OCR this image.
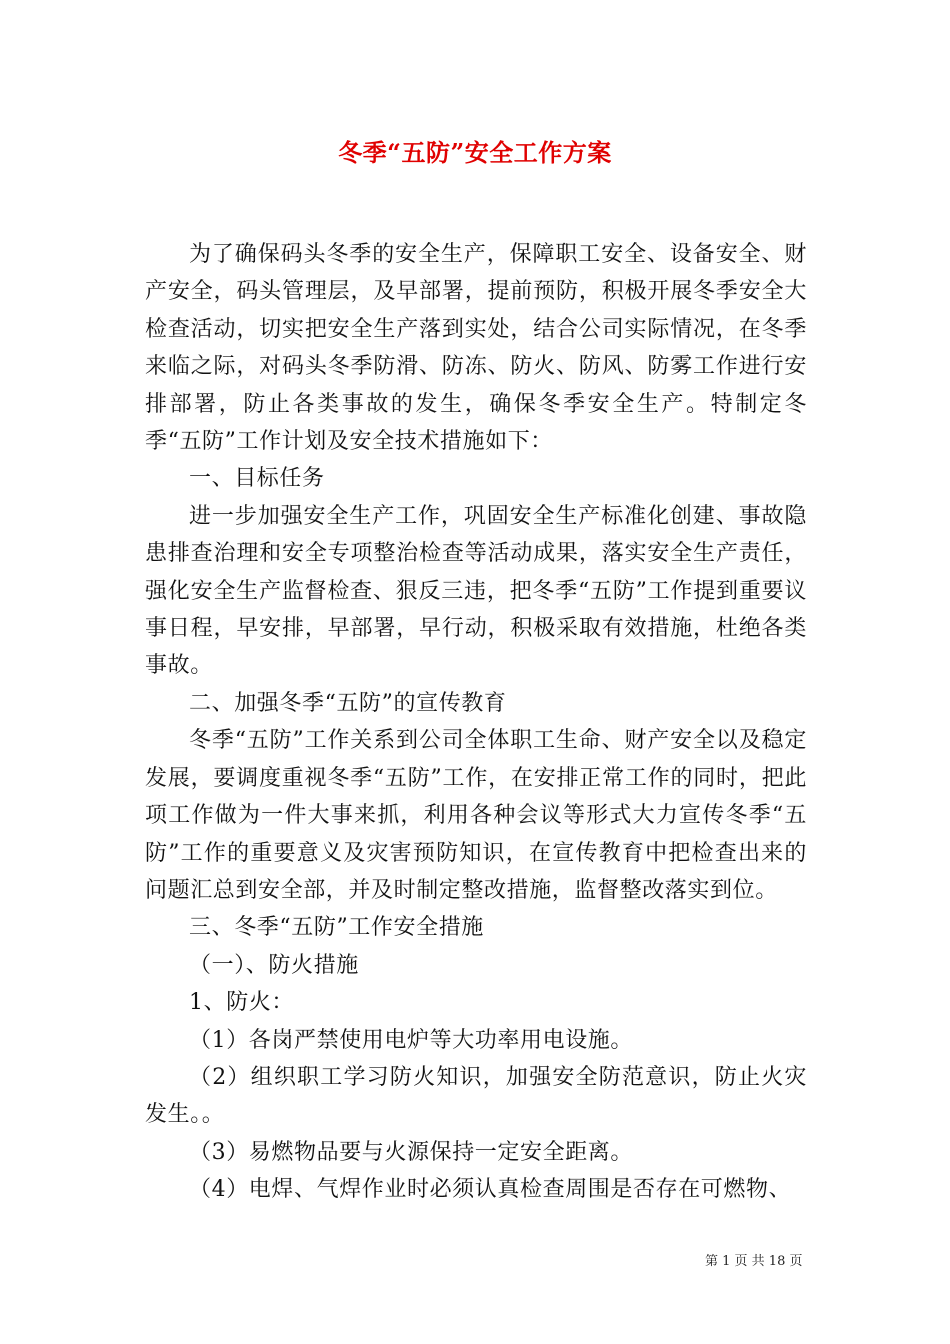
冬季“五防”安全工作方案

为了确保码头冬季的安全生产，保障职工安全、设备安全、财产安全，码头管理层，及早部署，提前预防，积极开展冬季安全大检查活动，切实把安全生产落到实处，结合公司实际情况，在冬季来临之际，对码头冬季防滑、防冻、防火、防风、防雾工作进行安排部署，防止各类事故的发生，确保冬季安全生产。特制定冬季“五防”工作计划及安全技术措施如下：

一、目标任务

进一步加强安全生产工作，巩固安全生产标准化创建、事故隐患排查治理和安全专项整治检查等活动成果，落实安全生产责任，强化安全生产监督检查、狠反三违，把冬季“五防”工作提到重要议事日程，早安排，早部署，早行动，积极采取有效措施，杜绝各类事故。

二、加强冬季“五防”的宣传教育

冬季“五防”工作关系到公司全体职工生命、财产安全以及稳定发展，要调度重视冬季“五防”工作，在安排正常工作的同时，把此项工作做为一件大事来抓，利用各种会议等形式大力宣传冬季“五防”工作的重要意义及灾害预防知识，在宣传教育中把检查出来的问题汇总到安全部，并及时制定整改措施，监督整改落实到位。

三、冬季“五防”工作安全措施

（一）、防火措施

1、防火：

（1）各岗严禁使用电炉等大功率用电设施。

（2）组织职工学习防火知识，加强安全防范意识，防止火灾发生。。

（3）易燃物品要与火源保持一定安全距离。

（4）电焊、气焊作业时必须认真检查周围是否存在可燃物、

第 1 页 共 18 页
